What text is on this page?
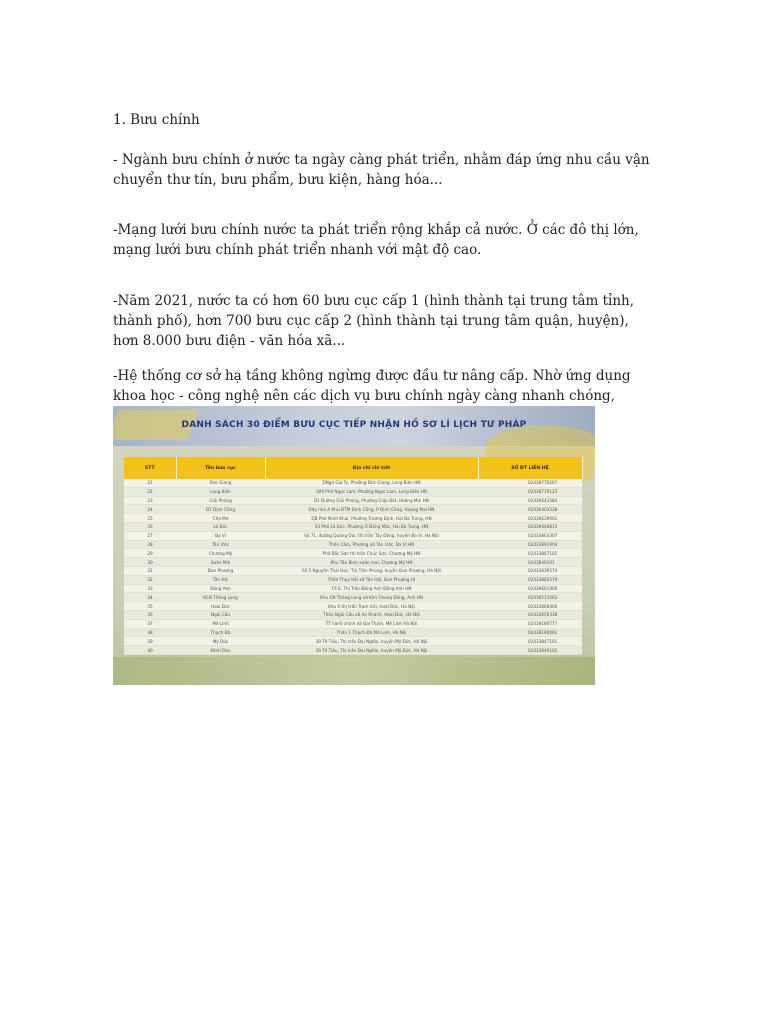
1. Bưu chính

- Ngành bưu chính ở nước ta ngày càng phát triển, nhằm đáp ứng nhu cầu vận chuyển thư tín, bưu phẩm, bưu kiện, hàng hóa...

-Mạng lưới bưu chính nước ta phát triển rộng khắp cả nước. Ở các đô thị lớn, mạng lưới bưu chính phát triển nhanh với mật độ cao.

-Năm 2021, nước ta có hơn 60 bưu cục cấp 1 (hình thành tại trung tâm tỉnh, thành phố), hơn 700 bưu cục cấp 2 (hình thành tại trung tâm quận, huyện), hơn 8.000 bưu điện - văn hóa xã...

-Hệ thống cơ sở hạ tầng không ngừng được đầu tư nâng cấp. Nhờ ứng dụng khoa học - công nghệ nên các dịch vụ bưu chính ngày càng nhanh chóng,

DANH SÁCH 30 ĐIỂM BƯU CỤC TIẾP NHẬN HỒ SƠ LÍ LỊCH TƯ PHÁP
STT	Tên bưu cục	Địa chỉ chi tiết	SỐ ĐT LIÊN HỆ
21	Đức Giang	DNgõ Gia Ty, Phường Đức Giang, Long Biên HN	02438770267
22	Long Biên	306 Phố Ngọc Lâm, Phường Ngọc Lâm, Long Biên HN	02438770123
23	Giải Phóng	B1 Đường Giải Phóng, Phường Giáp Bát, Hoàng Mai HN	02436643584
24	ĐT Định Công	Dãy nhà A Khu ĐTM Định Công, P Định Công, Hoàng Mai HN	02436403338
25	Chợ Mơ	DB Phố Minh Khai, Phường Trương Định, Hai Bà Trưng, HN	02436639061
26	Lò Đúc	54 Phố Lò Đúc, Phường Ô Đống Mác, Hai Bà Trưng, HN	02439448815
27	Ba Vì	Số 71, đường Quảng Oai, thị trấn Tây Đằng, huyện Ba Vì, Hà Nội	02433863307
28	Tân Ước	Thôn Cầm, Phương xã Tân Ước, Ba Vì HN	02433891904
29	Chương Mỹ	Phố Bắc Sơn thị trấn Chúc Sơn, Chương Mỹ HN	02433867101
30	Xuân Mai	Khu Tân Bình xuân mai, Chương Mỹ HN	0243840101
31	Đan Phượng	Số 5 Nguyễn Thái Học, Thị Trấn Phùng, huyện Đan Phượng, Hà Nội	02433639574
32	Tân Hội	Thôn Thụy Hội xã Tân Hội, Đan Phượng HI	02433883579
33	Đông Anh	Tổ 6, Thị Trấn Đông Anh Đông Anh HN	02439601900
34	KCN Thăng Long	Khu CN Thăng Long xã Kim Chung Đông, Anh HN	02439515063
35	Hoài Đức	Khu 6 thị trấn Trạm trôi, Hoài Đức, Hà Nội	02433660400
36	Ngải Cầu	Thôn Ngải Cầu xã An Khánh, Hoài Đức, Hà Nội	02433659338
37	Mê Linh	TT hành chính xã Đại Thịnh, Mê Linh Hà Nội	02438180777
38	Thạch Đà	Thôn 1 Thạch Đà Mê Linh, Hà Nội	02438180061
39	Mỹ Đức	39 Tế Tiêu, Thị trấn Đại Nghĩa, huyện Mỹ Đức, Hà Nội	02433847101
40	Kênh Đào	39 Tế Tiêu, Thị trấn Đại Nghĩa, huyện Mỹ Đức, Hà Nội	02433849102
